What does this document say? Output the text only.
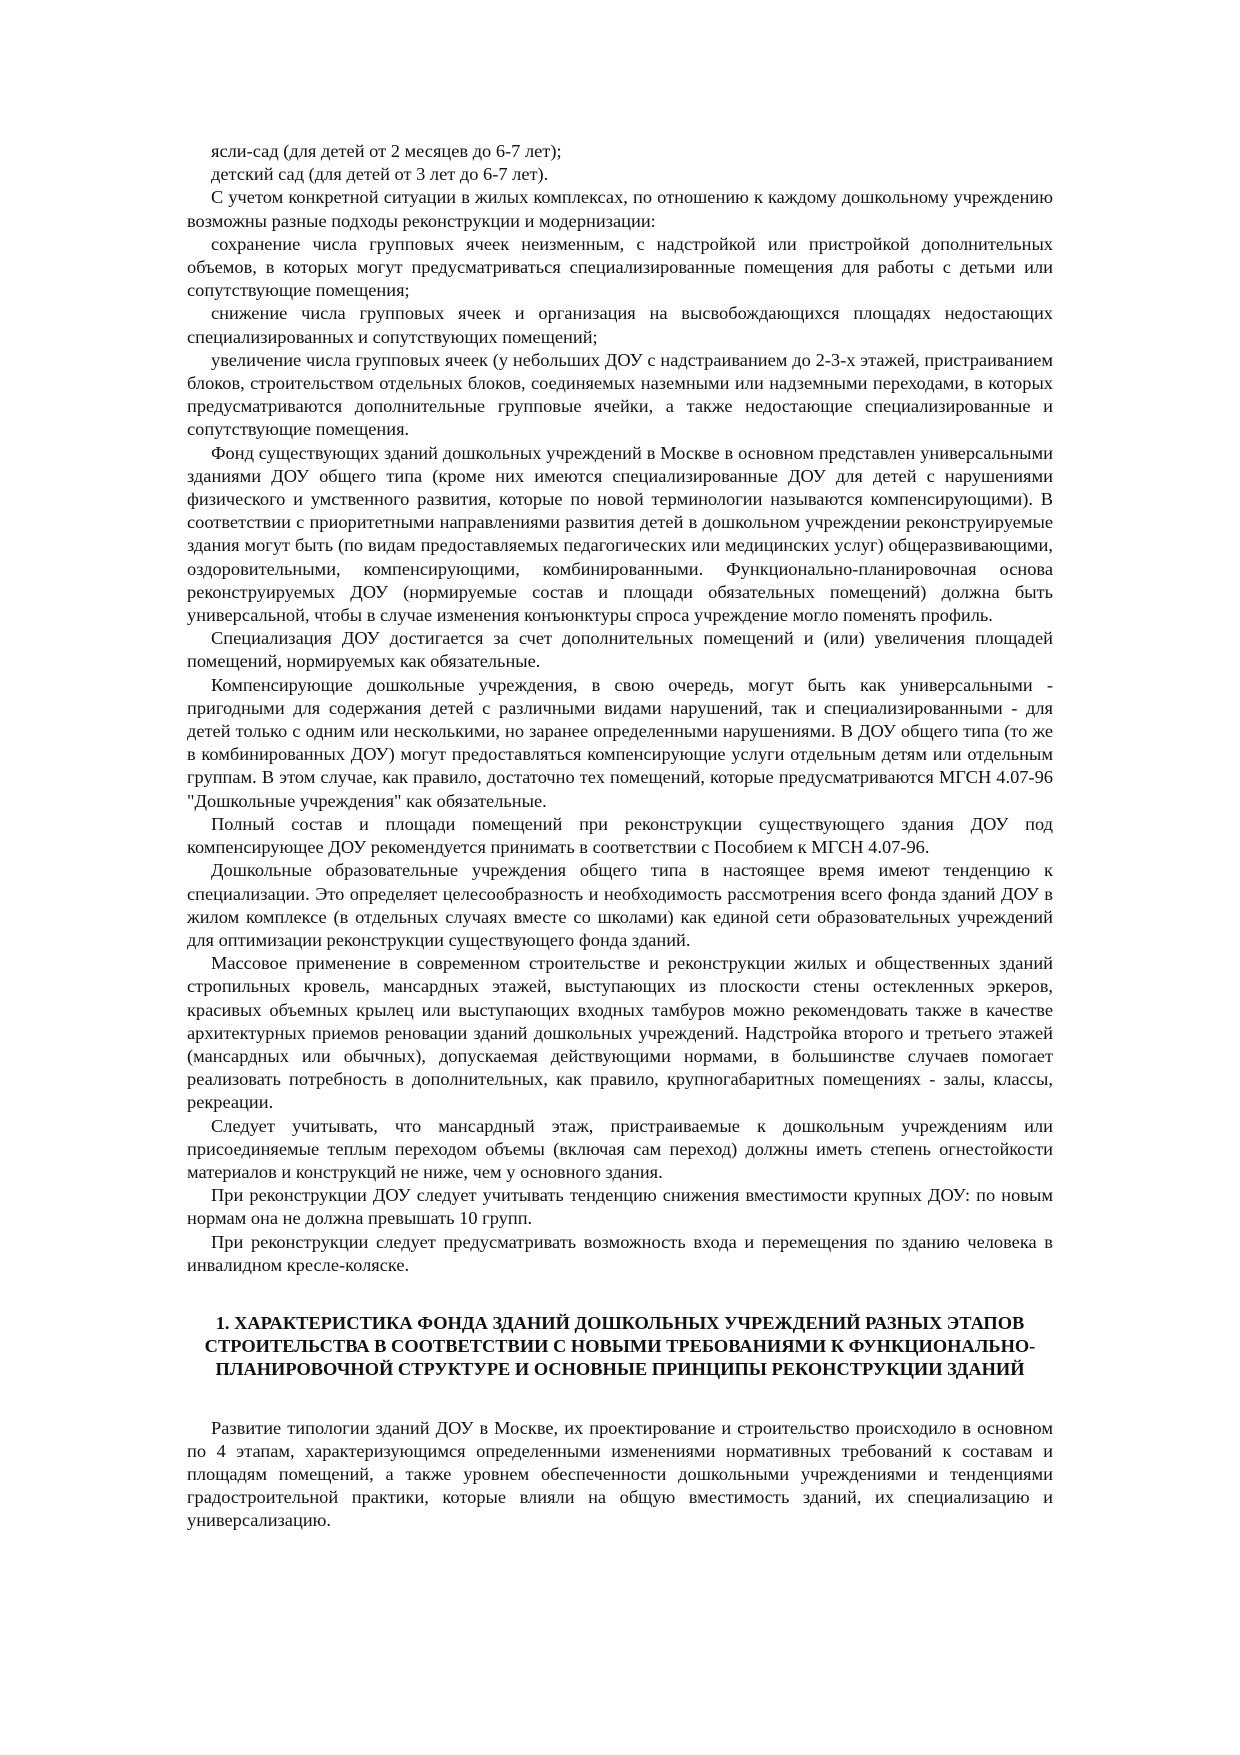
ясли-сад (для детей от 2 месяцев до 6-7 лет);

детский сад (для детей от 3 лет до 6-7 лет).

С учетом конкретной ситуации в жилых комплексах, по отношению к каждому дошкольному учреждению возможны разные подходы реконструкции и модернизации:

сохранение числа групповых ячеек неизменным, с надстройкой или пристройкой дополнительных объемов, в которых могут предусматриваться специализированные помещения для работы с детьми или сопутствующие помещения;

снижение числа групповых ячеек и организация на высвобождающихся площадях недостающих специализированных и сопутствующих помещений;

увеличение числа групповых ячеек (у небольших ДОУ с надстраиванием до 2-3-х этажей, пристраиванием блоков, строительством отдельных блоков, соединяемых наземными или надземными переходами, в которых предусматриваются дополнительные групповые ячейки, а также недостающие специализированные и сопутствующие помещения.

Фонд существующих зданий дошкольных учреждений в Москве в основном представлен универсальными зданиями ДОУ общего типа (кроме них имеются специализированные ДОУ для детей с нарушениями физического и умственного развития, которые по новой терминологии называются компенсирующими). В соответствии с приоритетными направлениями развития детей в дошкольном учреждении реконструируемые здания могут быть (по видам предоставляемых педагогических или медицинских услуг) общеразвивающими, оздоровительными, компенсирующими, комбинированными. Функционально-планировочная основа реконструируемых ДОУ (нормируемые состав и площади обязательных помещений) должна быть универсальной, чтобы в случае изменения конъюнктуры спроса учреждение могло поменять профиль.

Специализация ДОУ достигается за счет дополнительных помещений и (или) увеличения площадей помещений, нормируемых как обязательные.

Компенсирующие дошкольные учреждения, в свою очередь, могут быть как универсальными - пригодными для содержания детей с различными видами нарушений, так и специализированными - для детей только с одним или несколькими, но заранее определенными нарушениями. В ДОУ общего типа (то же в комбинированных ДОУ) могут предоставляться компенсирующие услуги отдельным детям или отдельным группам. В этом случае, как правило, достаточно тех помещений, которые предусматриваются МГСН 4.07-96 "Дошкольные учреждения" как обязательные.

Полный состав и площади помещений при реконструкции существующего здания ДОУ под компенсирующее ДОУ рекомендуется принимать в соответствии с Пособием к МГСН 4.07-96.

Дошкольные образовательные учреждения общего типа в настоящее время имеют тенденцию к специализации. Это определяет целесообразность и необходимость рассмотрения всего фонда зданий ДОУ в жилом комплексе (в отдельных случаях вместе со школами) как единой сети образовательных учреждений для оптимизации реконструкции существующего фонда зданий.

Массовое применение в современном строительстве и реконструкции жилых и общественных зданий стропильных кровель, мансардных этажей, выступающих из плоскости стены остекленных эркеров, красивых объемных крылец или выступающих входных тамбуров можно рекомендовать также в качестве архитектурных приемов реновации зданий дошкольных учреждений. Надстройка второго и третьего этажей (мансардных или обычных), допускаемая действующими нормами, в большинстве случаев помогает реализовать потребность в дополнительных, как правило, крупногабаритных помещениях - залы, классы, рекреации.

Следует учитывать, что мансардный этаж, пристраиваемые к дошкольным учреждениям или присоединяемые теплым переходом объемы (включая сам переход) должны иметь степень огнестойкости материалов и конструкций не ниже, чем у основного здания.

При реконструкции ДОУ следует учитывать тенденцию снижения вместимости крупных ДОУ: по новым нормам она не должна превышать 10 групп.

При реконструкции следует предусматривать возможность входа и перемещения по зданию человека в инвалидном кресле-коляске.

1. ХАРАКТЕРИСТИКА ФОНДА ЗДАНИЙ ДОШКОЛЬНЫХ УЧРЕЖДЕНИЙ РАЗНЫХ ЭТАПОВ СТРОИТЕЛЬСТВА В СООТВЕТСТВИИ С НОВЫМИ ТРЕБОВАНИЯМИ К ФУНКЦИОНАЛЬНО-ПЛАНИРОВОЧНОЙ СТРУКТУРЕ И ОСНОВНЫЕ ПРИНЦИПЫ РЕКОНСТРУКЦИИ ЗДАНИЙ

Развитие типологии зданий ДОУ в Москве, их проектирование и строительство происходило в основном по 4 этапам, характеризующимся определенными изменениями нормативных требований к составам и площадям помещений, а также уровнем обеспеченности дошкольными учреждениями и тенденциями градостроительной практики, которые влияли на общую вместимость зданий, их специализацию и универсализацию.
